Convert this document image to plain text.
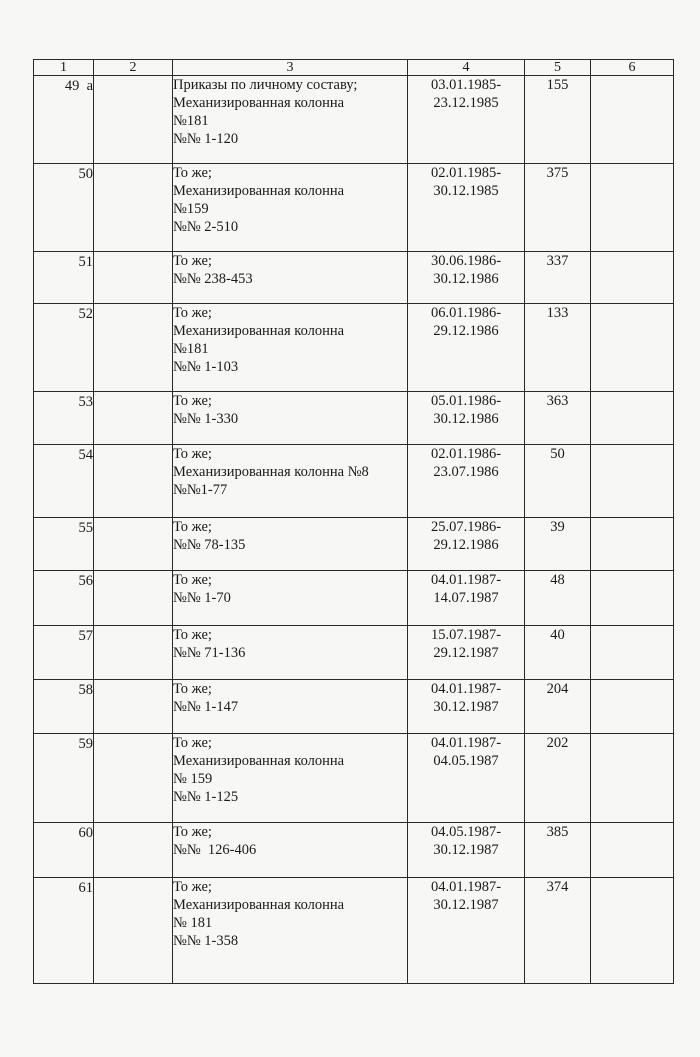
1	2	3	4	5	6

49  а		Приказы по личному составу;
Механизированная колонна
№181
№№ 1-120	03.01.1985-
23.12.1985	155	

50		То же;
Механизированная колонна
№159
№№ 2-510	02.01.1985-
30.12.1985	375	

51		То же;
№№ 238-453	30.06.1986-
30.12.1986	337	

52		То же;
Механизированная колонна
№181
№№ 1-103	06.01.1986-
29.12.1986	133	

53		То же;
№№ 1-330	05.01.1986-
30.12.1986	363	

54		То же;
Механизированная колонна №8
№№1-77	02.01.1986-
23.07.1986	50	

55		То же;
№№ 78-135	25.07.1986-
29.12.1986	39	

56		То же;
№№ 1-70	04.01.1987-
14.07.1987	48	

57		То же;
№№ 71-136	15.07.1987-
29.12.1987	40	

58		То же;
№№ 1-147	04.01.1987-
30.12.1987	204	

59		То же;
Механизированная колонна
№ 159
№№ 1-125	04.01.1987-
04.05.1987	202	

60		То же;
№№  126-406	04.05.1987-
30.12.1987	385	

61		То же;
Механизированная колонна
№ 181
№№ 1-358	04.01.1987-
30.12.1987	374	
